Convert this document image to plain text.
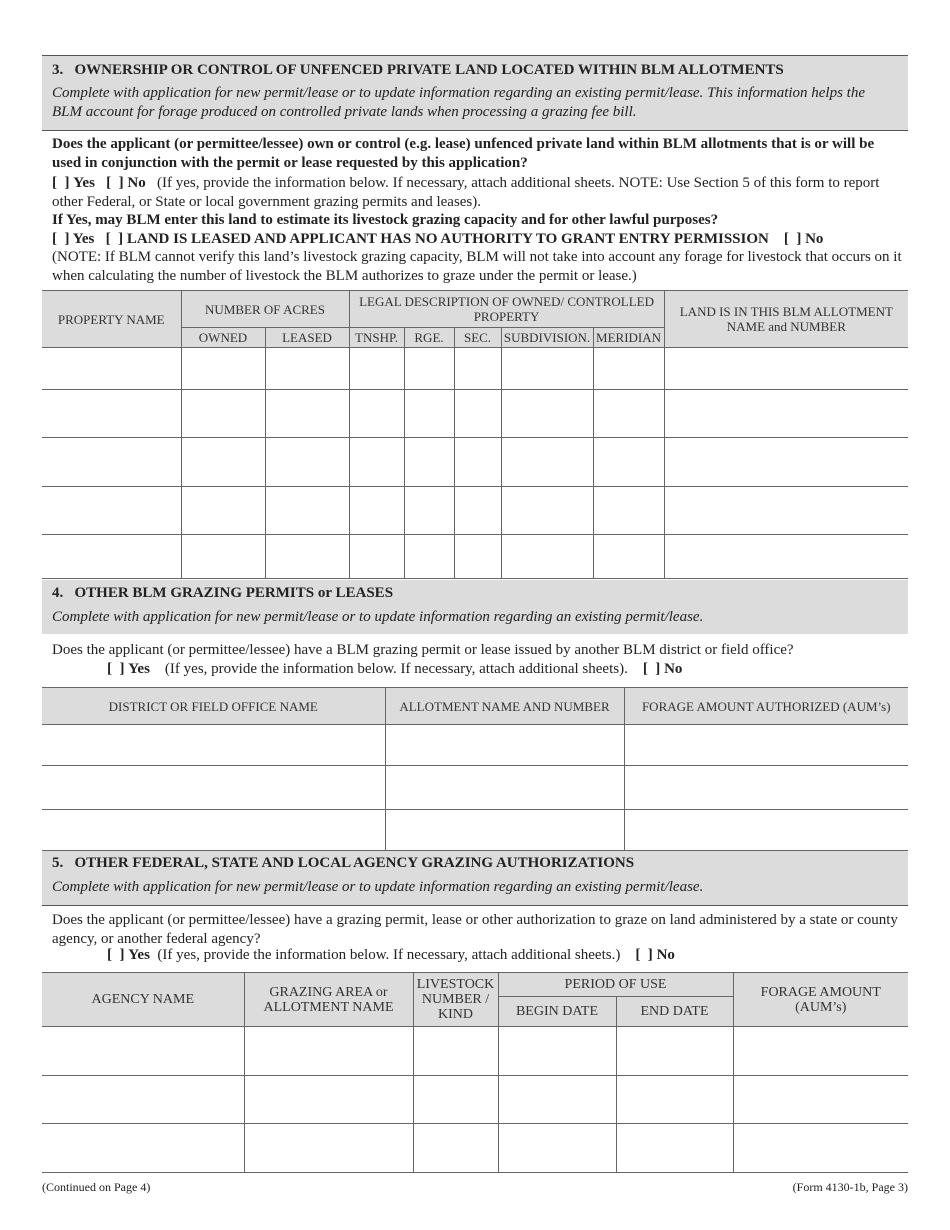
3.   OWNERSHIP OR CONTROL OF UNFENCED PRIVATE LAND LOCATED WITHIN BLM ALLOTMENTS
Complete with application for new permit/lease or to update information regarding an existing permit/lease. This information helps the BLM account for forage produced on controlled private lands when processing a grazing fee bill.
Does the applicant (or permittee/lessee) own or control (e.g. lease) unfenced private land within BLM allotments that is or will be used in conjunction with the permit or lease requested by this application?
[  ] Yes [  ] No (If yes, provide the information below. If necessary, attach additional sheets. NOTE: Use Section 5 of this form to report other Federal, or State or local government grazing permits and leases).
If Yes, may BLM enter this land to estimate its livestock grazing capacity and for other lawful purposes?
[  ] Yes [  ] LAND IS LEASED AND APPLICANT HAS NO AUTHORITY TO GRANT ENTRY PERMISSION [  ] No
(NOTE: If BLM cannot verify this land’s livestock grazing capacity, BLM will not take into account any forage for livestock that occurs on it when calculating the number of livestock the BLM authorizes to graze under the permit or lease.)
PROPERTY NAME	NUMBER OF ACRES		LEGAL DESCRIPTION OF OWNED/ CONTROLLED PROPERTY					LAND IS IN THIS BLM ALLOTMENT NAME and NUMBER
	OWNED	LEASED	TNSHP.	RGE.	SEC.	SUBDIVISION.	MERIDIAN	

4.   OTHER BLM GRAZING PERMITS or LEASES
Complete with application for new permit/lease or to update information regarding an existing permit/lease.
Does the applicant (or permittee/lessee) have a BLM grazing permit or lease issued by another BLM district or field office?
[  ] Yes (If yes, provide the information below. If necessary, attach additional sheets). [  ] No
DISTRICT OR FIELD OFFICE NAME	ALLOTMENT NAME AND NUMBER	FORAGE AMOUNT AUTHORIZED (AUM’s)

5.   OTHER FEDERAL, STATE AND LOCAL AGENCY GRAZING AUTHORIZATIONS
Complete with application for new permit/lease or to update information regarding an existing permit/lease.
Does the applicant (or permittee/lessee) have a grazing permit, lease or other authorization to graze on land administered by a state or county agency, or another federal agency?
[  ] Yes (If yes, provide the information below. If necessary, attach additional sheets.) [  ] No
AGENCY NAME	GRAZING AREA or ALLOTMENT NAME	LIVESTOCK NUMBER / KIND	PERIOD OF USE		FORAGE AMOUNT (AUM’s)
			BEGIN DATE	END DATE	

(Continued on Page 4)	(Form 4130-1b, Page 3)
